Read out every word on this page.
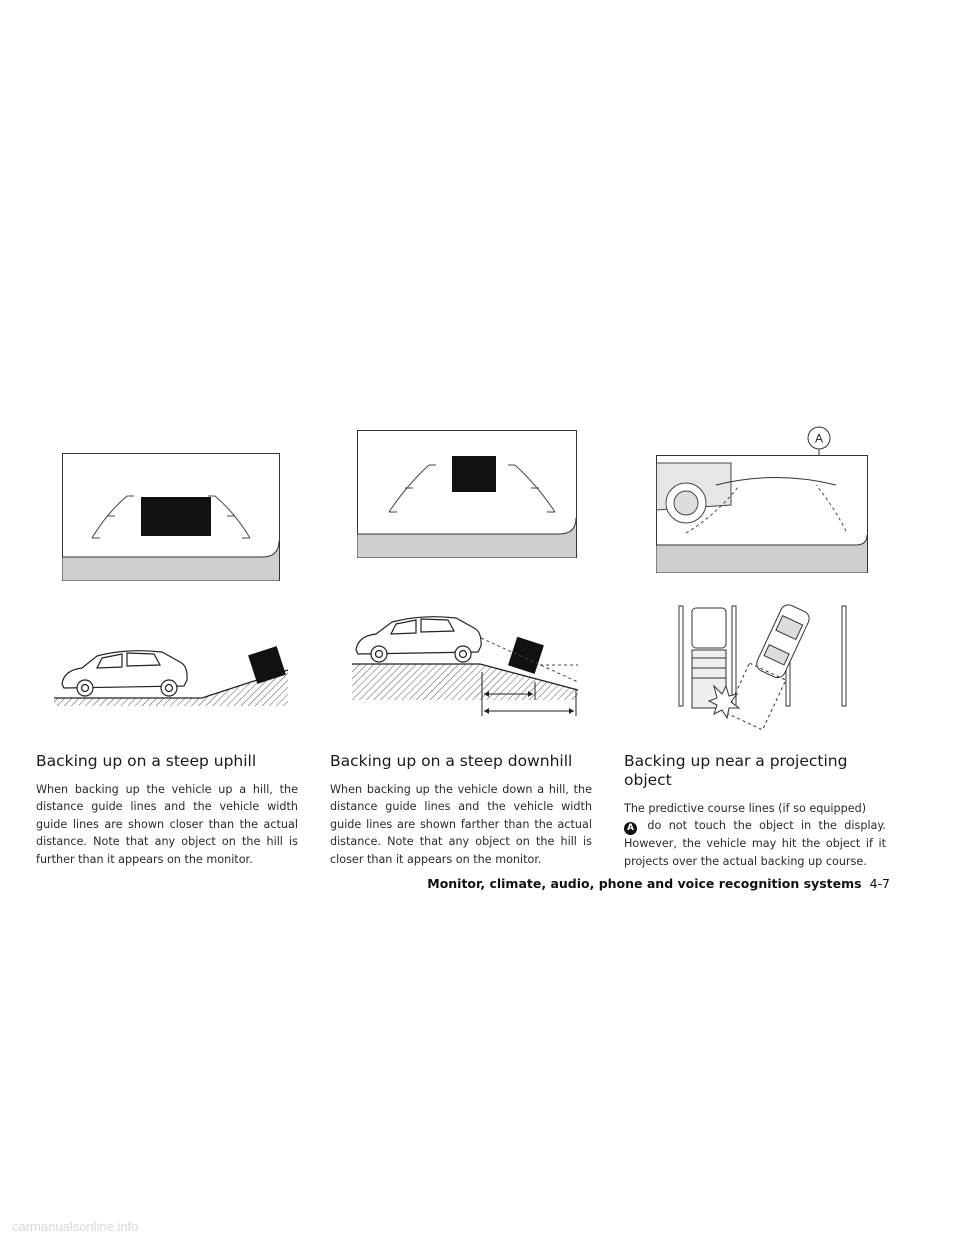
A
Backing up on a steep uphill

When backing up the vehicle up a hill, the distance guide lines and the vehicle width guide lines are shown closer than the actual distance. Note that any object on the hill is further than it appears on the monitor.

Backing up on a steep downhill

When backing up the vehicle down a hill, the distance guide lines and the vehicle width guide lines are shown farther than the actual distance. Note that any object on the hill is closer than it appears on the monitor.

Backing up near a projecting object

The predictive course lines (if so equipped)
A do not touch the object in the display. However, the vehicle may hit the object if it projects over the actual backing up course.

Monitor, climate, audio, phone and voice recognition systems 4-7
carmanualsonline.info
